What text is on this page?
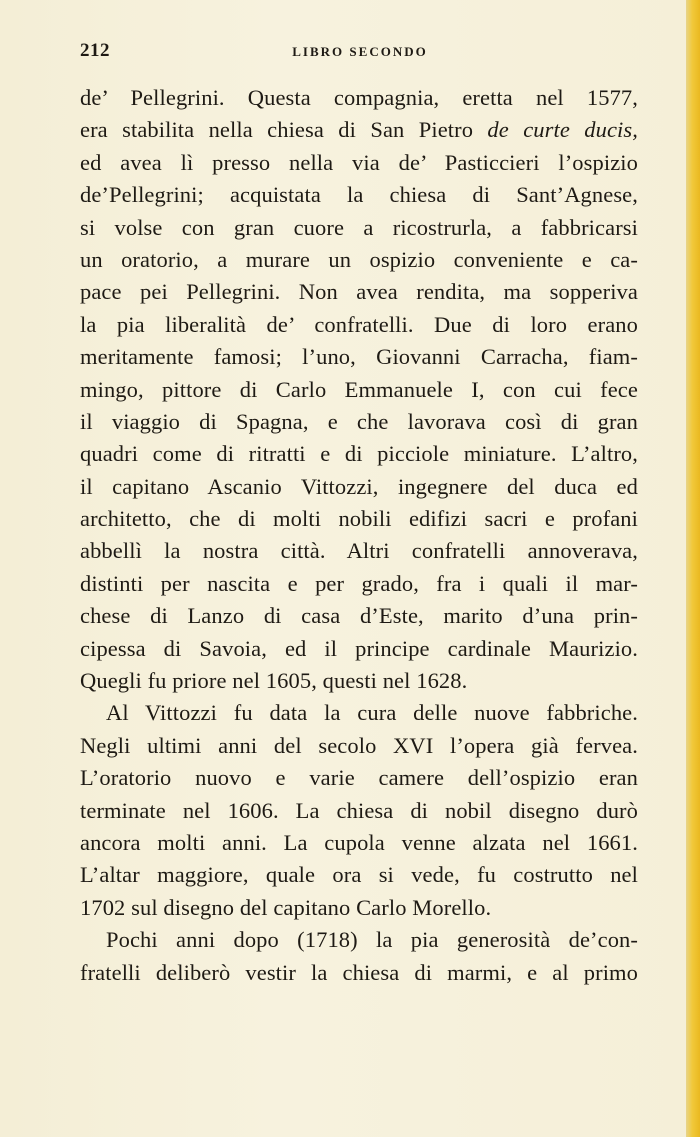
212	LIBRO SECONDO
de’ Pellegrini. Questa compagnia, eretta nel 1577,
era stabilita nella chiesa di San Pietro de curte ducis,
ed avea lì presso nella via de’ Pasticcieri l’ospizio
de’Pellegrini; acquistata la chiesa di Sant’Agnese,
si volse con gran cuore a ricostrurla, a fabbricarsi
un oratorio, a murare un ospizio conveniente e ca-
pace pei Pellegrini. Non avea rendita, ma sopperiva
la pia liberalità de’ confratelli. Due di loro erano
meritamente famosi; l’uno, Giovanni Carracha, fiam-
mingo, pittore di Carlo Emmanuele I, con cui fece
il viaggio di Spagna, e che lavorava così di gran
quadri come di ritratti e di picciole miniature. L’altro,
il capitano Ascanio Vittozzi, ingegnere del duca ed
architetto, che di molti nobili edifizi sacri e profani
abbellì la nostra città. Altri confratelli annoverava,
distinti per nascita e per grado, fra i quali il mar-
chese di Lanzo di casa d’Este, marito d’una prin-
cipessa di Savoia, ed il principe cardinale Maurizio.
Quegli fu priore nel 1605, questi nel 1628.
Al Vittozzi fu data la cura delle nuove fabbriche.
Negli ultimi anni del secolo XVI l’opera già fervea.
L’oratorio nuovo e varie camere dell’ospizio eran
terminate nel 1606. La chiesa di nobil disegno durò
ancora molti anni. La cupola venne alzata nel 1661.
L’altar maggiore, quale ora si vede, fu costrutto nel
1702 sul disegno del capitano Carlo Morello.
Pochi anni dopo (1718) la pia generosità de’con-
fratelli deliberò vestir la chiesa di marmi, e al primo
